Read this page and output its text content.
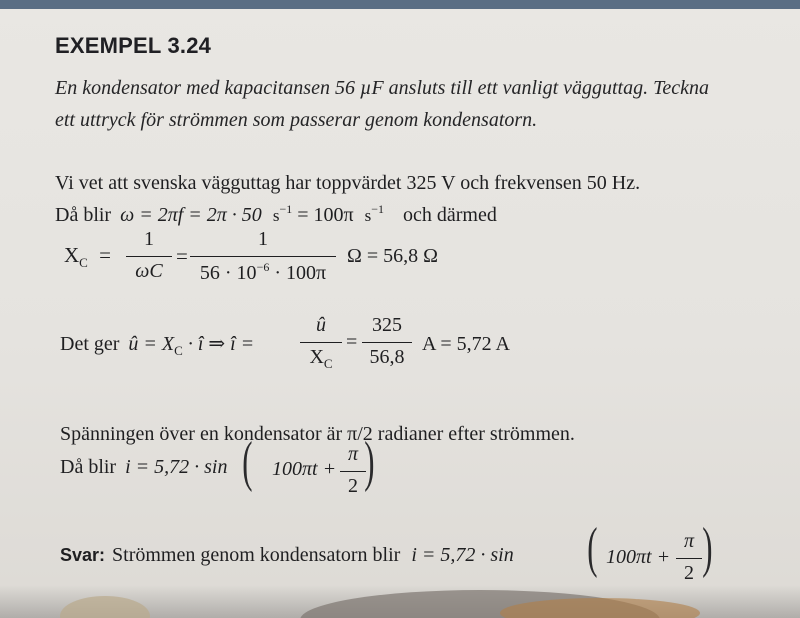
EXEMPEL 3.24
En kondensator med kapacitansen 56 µF ansluts till ett vanligt vägguttag. Teckna
ett uttryck för strömmen som passerar genom kondensatorn.
Vi vet att svenska vägguttag har toppvärdet 325 V och frekvensen 50 Hz.
Då blir ω = 2πf = 2π · 50 $s^{-1} = 100\pi$ $s^{-1}$ och därmed
$X_C$ =
1
ωC
=
1
$56 \cdot 10^{-6} \cdot 100\pi$
Ω = 56,8 Ω
Det ger û = $X_C$ · î ⇒ î =
û
$X_C$
=
325
56,8
A = 5,72 A
Spänningen över en kondensator är π/2 radianer efter strömmen.
Då blir i = 5,72 · sin ( 100πt +
π
2 )
Svar: Strömmen genom kondensatorn blir i = 5,72 · sin ( 100πt +
π
2 )
